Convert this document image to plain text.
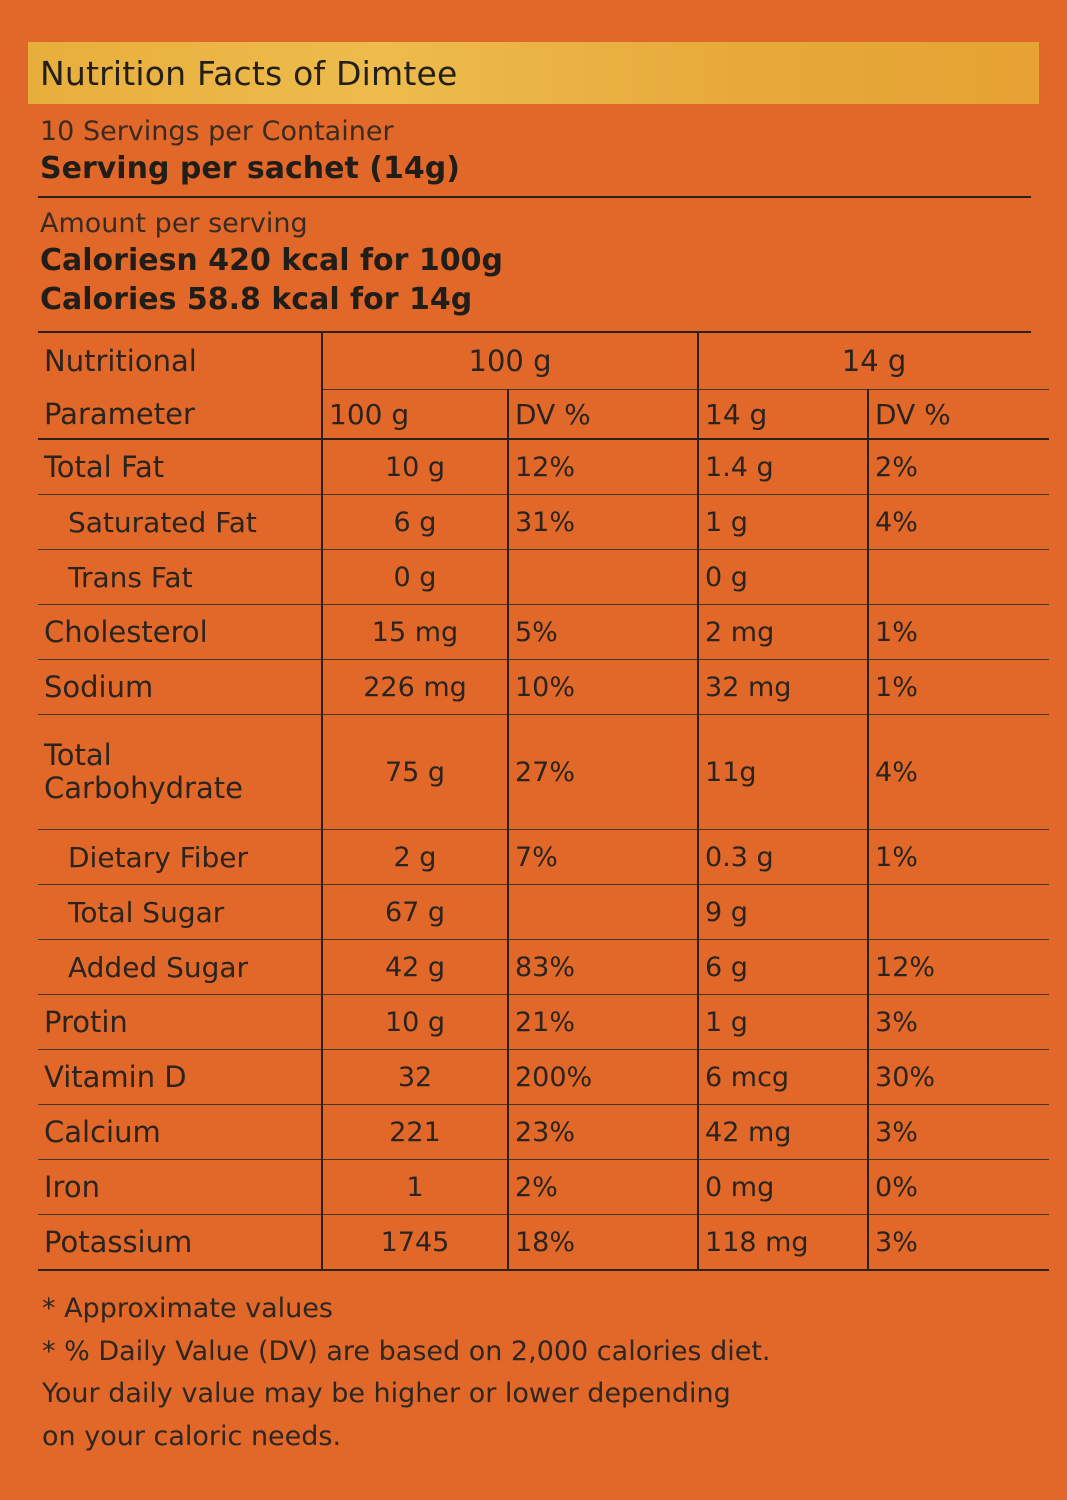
Nutrition Facts of Dimtee
10 Servings per Container
Serving per sachet (14g)
Amount per serving
Caloriesn 420 kcal for 100g
Calories 58.8 kcal for 14g
Nutritional	100 g		14 g	
Parameter	100 g	DV %	14 g	DV %
Total Fat	10 g	12%	1.4 g	2%
Saturated Fat	6 g	31%	1 g	4%
Trans Fat	0 g		0 g	
Cholesterol	15 mg	5%	2 mg	1%
Sodium	226 mg	10%	32 mg	1%
Total Carbohydrate	75 g	27%	11g	4%
Dietary Fiber	2 g	7%	0.3 g	1%
Total Sugar	67 g		9 g	
Added Sugar	42 g	83%	6 g	12%
Protin	10 g	21%	1 g	3%
Vitamin D	32	200%	6 mcg	30%
Calcium	221	23%	42 mg	3%
Iron	1	2%	0 mg	0%
Potassium	1745	18%	118 mg	3%
* Approximate values
* % Daily Value (DV) are based on 2,000 calories diet.
Your daily value may be higher or lower depending
on your caloric needs.
